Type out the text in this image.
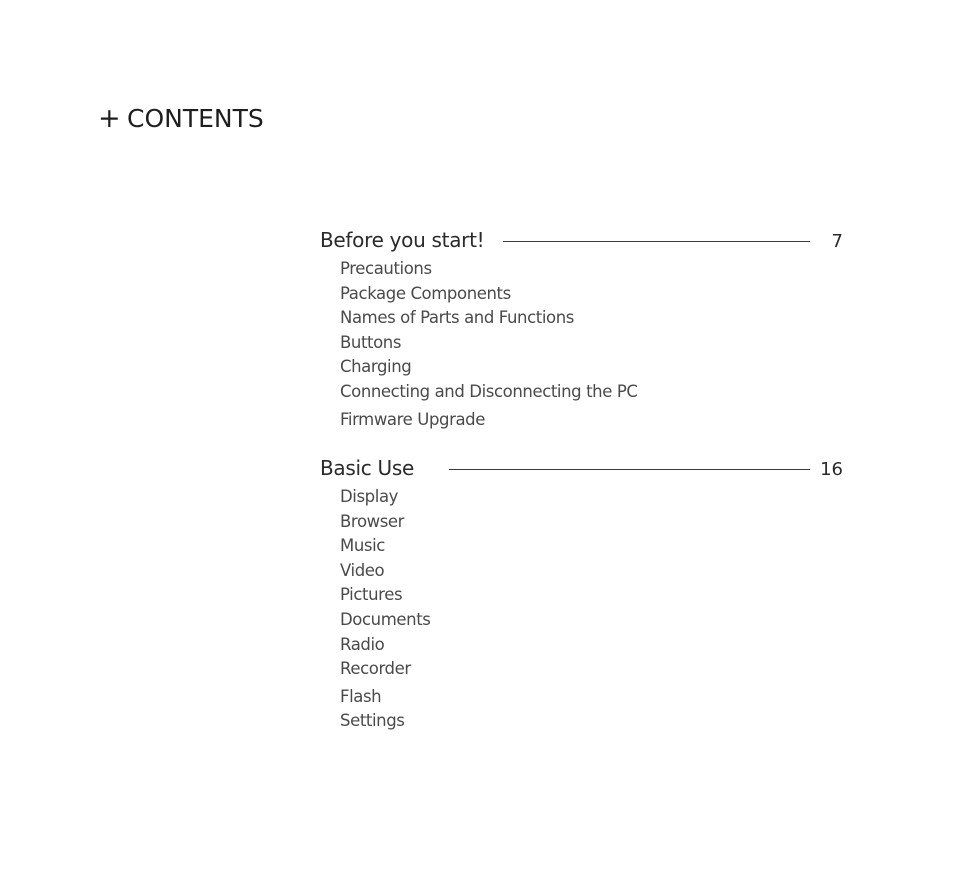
+ CONTENTS
Before you start!	7
Precautions
Package Components
Names of Parts and Functions
Buttons
Charging
Connecting and Disconnecting the PC
Firmware Upgrade
Basic Use	16
Display
Browser
Music
Video
Pictures
Documents
Radio
Recorder
Flash
Settings
